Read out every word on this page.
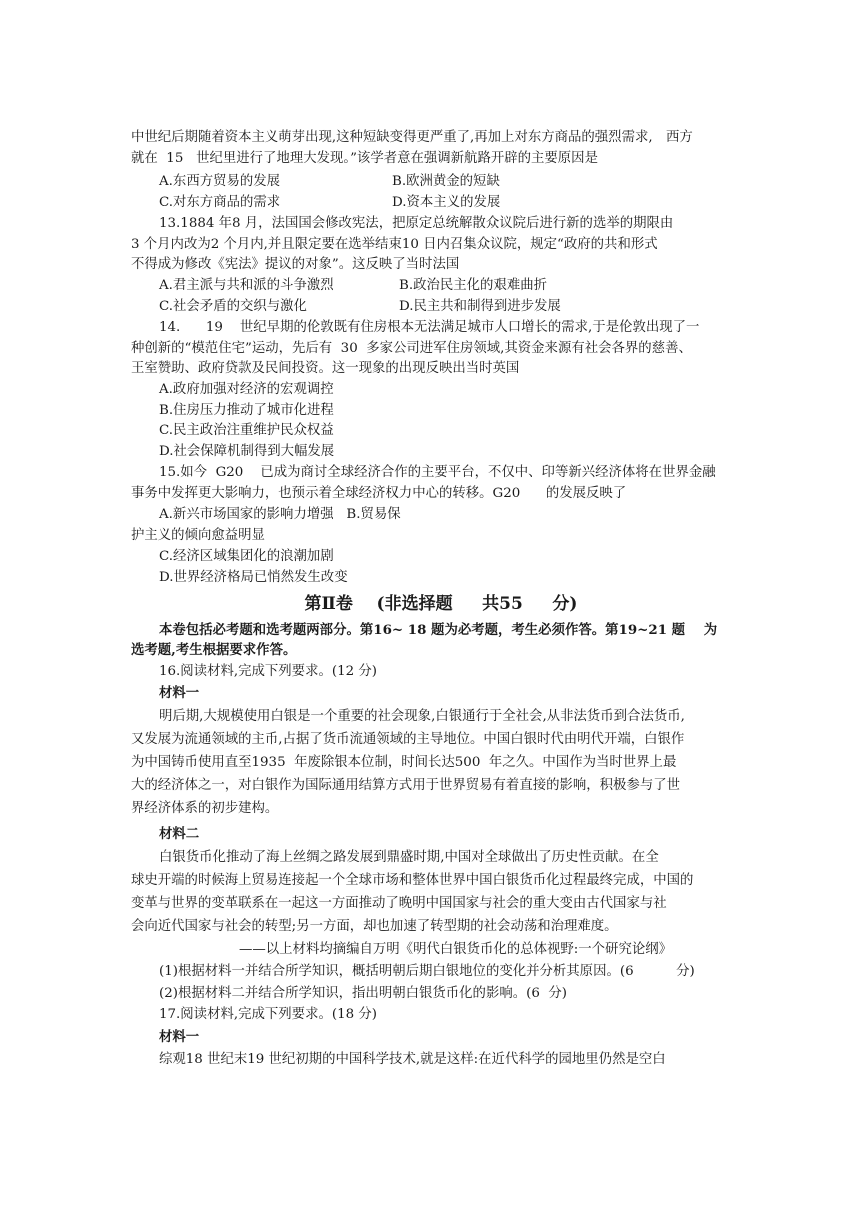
中世纪后期随着资本主义萌芽出现,这种短缺变得更严重了,再加上对东方商品的强烈需求,　西方
就在  15   世纪里进行了地理大发现。”该学者意在强调新航路开辟的主要原因是
A.东西方贸易的发展	B.欧洲黄金的短缺
C.对东方商品的需求	D.资本主义的发展
13.1884 年8 月，法国国会修改宪法，把原定总统解散众议院后进行新的选举的期限由
3 个月内改为2 个月内,并且限定要在选举结束10 日内召集众议院，规定“政府的共和形式
不得成为修改《宪法》提议的对象”。这反映了当时法国
A.君主派与共和派的斗争激烈	B.政治民主化的艰难曲折
C.社会矛盾的交织与激化	D.民主共和制得到进步发展
14.      19    世纪早期的伦敦既有住房根本无法满足城市人口增长的需求,于是伦敦出现了一
种创新的“模范住宅”运动，先后有  30  多家公司进军住房领域,其资金来源有社会各界的慈善、
王室赞助、政府贷款及民间投资。这一现象的出现反映出当时英国
A.政府加强对经济的宏观调控
B.住房压力推动了城市化进程
C.民主政治注重维护民众权益
D.社会保障机制得到大幅发展
15.如今  G20    已成为商讨全球经济合作的主要平台，不仅中、印等新兴经济体将在世界金融
事务中发挥更大影响力，也预示着全球经济权力中心的转移。G20      的发展反映了
A.新兴市场国家的影响力增强   B.贸易保
护主义的倾向愈益明显
C.经济区域集团化的浪潮加剧
D.世界经济格局已悄然发生改变
第Ⅱ卷    (非选择题     共55     分)
本卷包括必考题和选考题两部分。第16~ 18 题为必考题，考生必须作答。第19~21 题    为
选考题,考生根据要求作答。
16.阅读材料,完成下列要求。(12 分)
材料一
明后期,大规模使用白银是一个重要的社会现象,白银通行于全社会,从非法货币到合法货币,
又发展为流通领域的主币,占据了货币流通领域的主导地位。中国白银时代由明代开端，白银作
为中国铸币使用直至1935  年废除银本位制，时间长达500  年之久。中国作为当时世界上最
大的经济体之一，对白银作为国际通用结算方式用于世界贸易有着直接的影响，积极参与了世
界经济体系的初步建构。
材料二
白银货币化推动了海上丝绸之路发展到鼎盛时期,中国对全球做出了历史性贡献。在全
球史开端的时候海上贸易连接起一个全球市场和整体世界中国白银货币化过程最终完成，中国的
变革与世界的变革联系在一起这一方面推动了晚明中国国家与社会的重大变由古代国家与社
会向近代国家与社会的转型;另一方面，却也加速了转型期的社会动荡和治理难度。
——以上材料均摘编自万明《明代白银货币化的总体视野:一个研究论纲》
(1)根据材料一并结合所学知识，概括明朝后期白银地位的变化并分析其原因。(6          分)
(2)根据材料二并结合所学知识，指出明朝白银货币化的影响。(6  分)
17.阅读材料,完成下列要求。(18 分)
材料一
综观18 世纪末19 世纪初期的中国科学技术,就是这样:在近代科学的园地里仍然是空白
